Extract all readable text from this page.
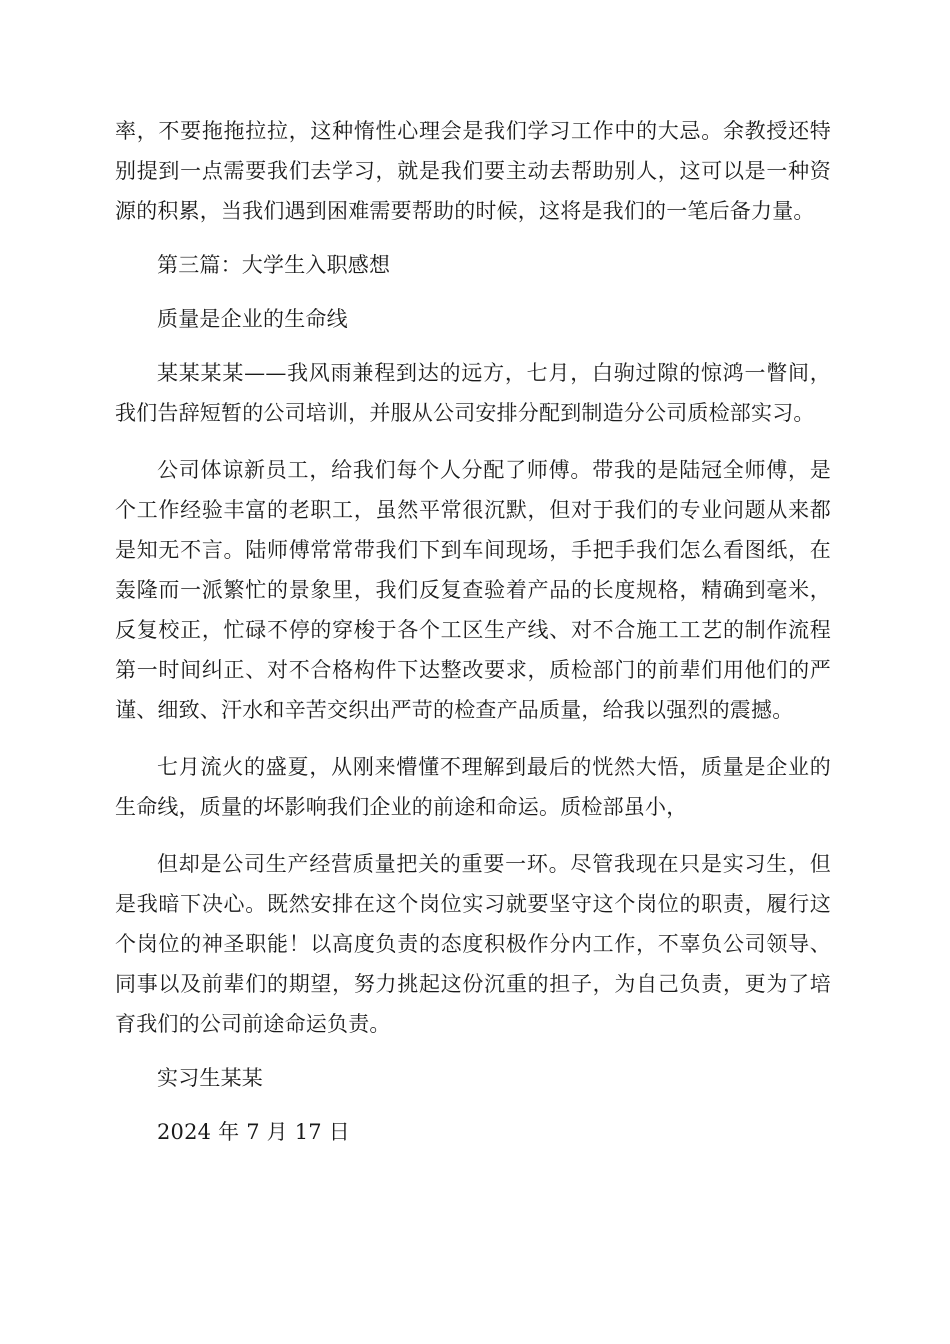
率，不要拖拖拉拉，这种惰性心理会是我们学习工作中的大忌。余教授还特别提到一点需要我们去学习，就是我们要主动去帮助别人，这可以是一种资源的积累，当我们遇到困难需要帮助的时候，这将是我们的一笔后备力量。

第三篇：大学生入职感想

质量是企业的生命线

某某某某——我风雨兼程到达的远方，七月，白驹过隙的惊鸿一瞥间，我们告辞短暂的公司培训，并服从公司安排分配到制造分公司质检部实习。

公司体谅新员工，给我们每个人分配了师傅。带我的是陆冠全师傅，是个工作经验丰富的老职工，虽然平常很沉默，但对于我们的专业问题从来都是知无不言。陆师傅常常带我们下到车间现场，手把手我们怎么看图纸，在轰隆而一派繁忙的景象里，我们反复查验着产品的长度规格，精确到毫米，反复校正，忙碌不停的穿梭于各个工区生产线、对不合施工工艺的制作流程第一时间纠正、对不合格构件下达整改要求，质检部门的前辈们用他们的严谨、细致、汗水和辛苦交织出严苛的检查产品质量，给我以强烈的震撼。

七月流火的盛夏，从刚来懵懂不理解到最后的恍然大悟，质量是企业的生命线，质量的坏影响我们企业的前途和命运。质检部虽小，

但却是公司生产经营质量把关的重要一环。尽管我现在只是实习生，但是我暗下决心。既然安排在这个岗位实习就要坚守这个岗位的职责，履行这个岗位的神圣职能！以高度负责的态度积极作分内工作，不辜负公司领导、同事以及前辈们的期望，努力挑起这份沉重的担子，为自己负责，更为了培育我们的公司前途命运负责。

实习生某某

2024 年 7 月 17 日
